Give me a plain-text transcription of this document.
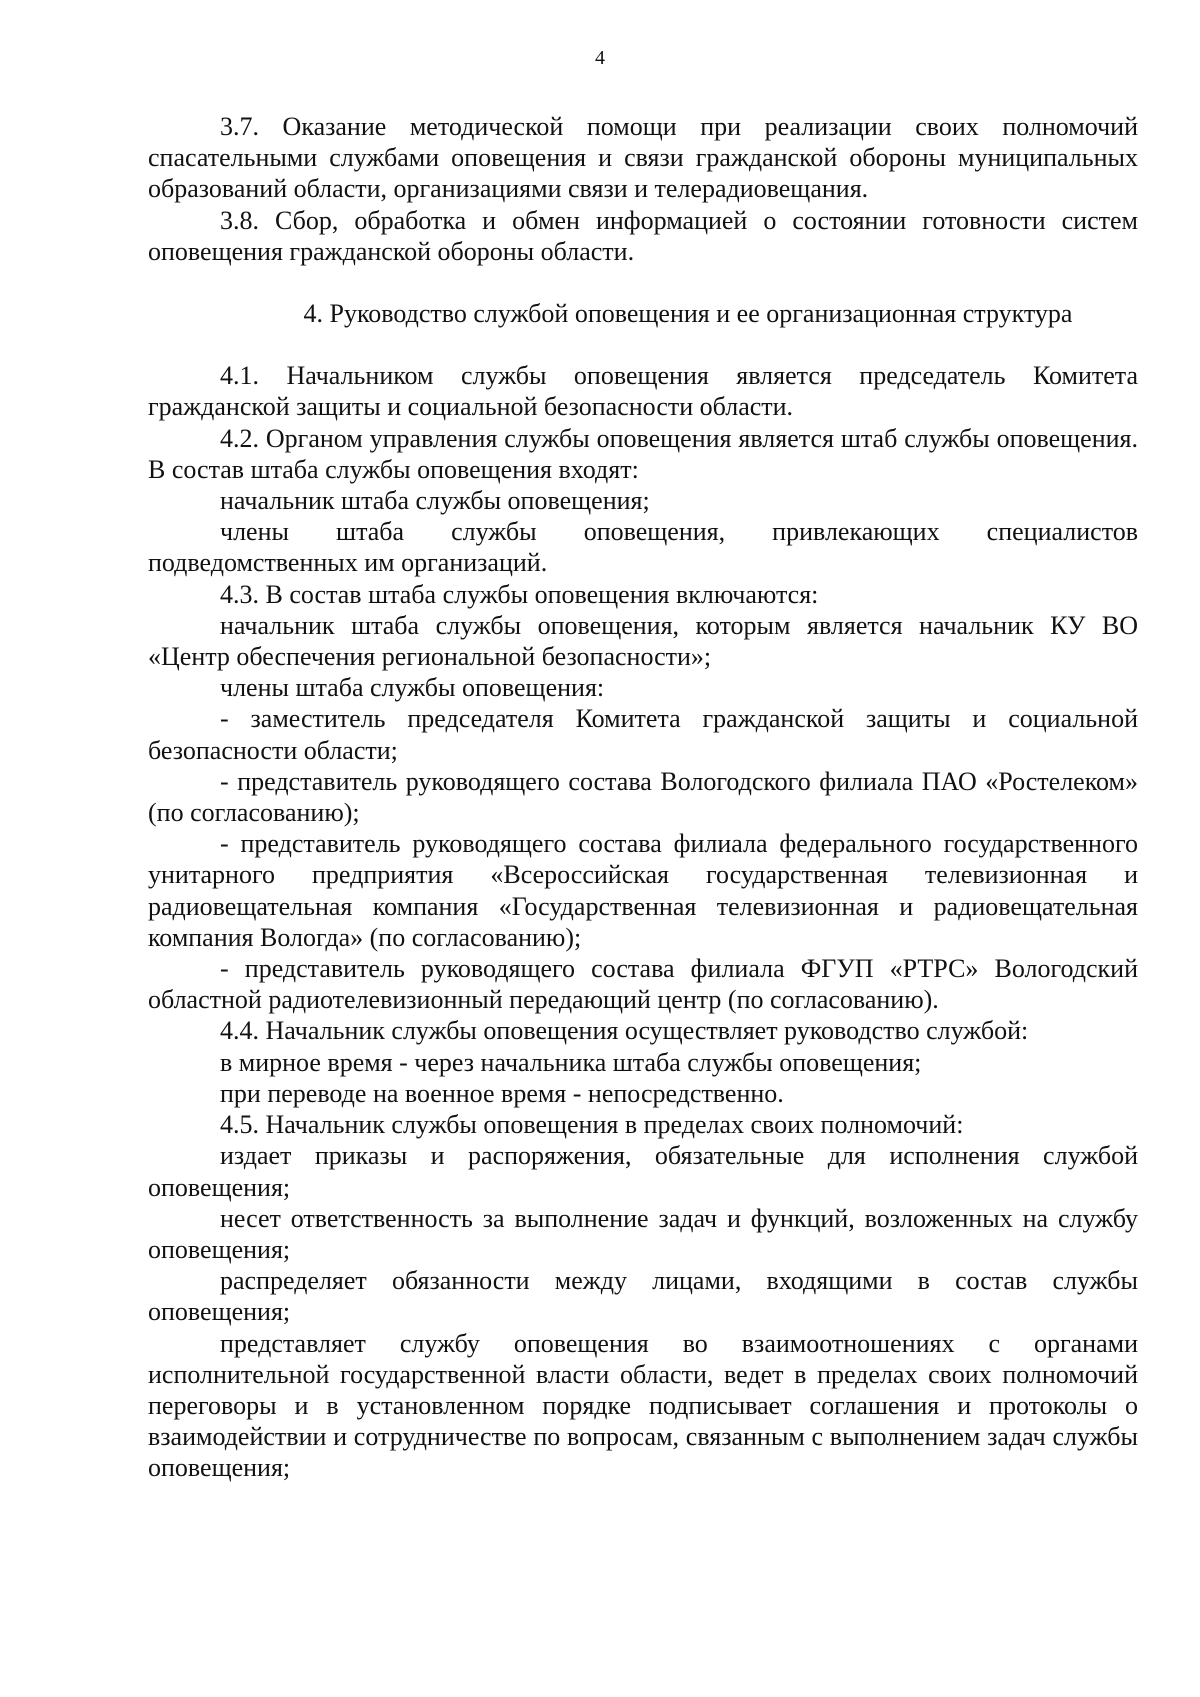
4

3.7. Оказание методической помощи при реализации своих полномочий спасательными службами оповещения и связи гражданской обороны муниципальных образований области, организациями связи и телерадиовещания.

3.8. Сбор, обработка и обмен информацией о состоянии готовности систем оповещения гражданской обороны области.

4. Руководство службой оповещения и ее организационная структура

4.1. Начальником службы оповещения является председатель Комитета гражданской защиты и социальной безопасности области.

4.2. Органом управления службы оповещения является штаб службы оповещения. В состав штаба службы оповещения входят:

начальник штаба службы оповещения;

члены штаба службы оповещения, привлекающих специалистов подведомственных им организаций.

4.3. В состав штаба службы оповещения включаются:

начальник штаба службы оповещения, которым является начальник КУ ВО «Центр обеспечения региональной безопасности»;

члены штаба службы оповещения:

- заместитель председателя Комитета гражданской защиты и социальной безопасности области;

- представитель руководящего состава Вологодского филиала ПАО «Ростелеком» (по согласованию);

- представитель руководящего состава филиала федерального государственного унитарного предприятия «Всероссийская государственная телевизионная и радиовещательная компания «Государственная телевизионная и радиовещательная компания Вологда» (по согласованию);

- представитель руководящего состава филиала ФГУП «РТРС» Вологодский областной радиотелевизионный передающий центр (по согласованию).

4.4. Начальник службы оповещения осуществляет руководство службой:

в мирное время - через начальника штаба службы оповещения;

при переводе на военное время - непосредственно.

4.5. Начальник службы оповещения в пределах своих полномочий:

издает приказы и распоряжения, обязательные для исполнения службой оповещения;

несет ответственность за выполнение задач и функций, возложенных на службу оповещения;

распределяет обязанности между лицами, входящими в состав службы оповещения;

представляет службу оповещения во взаимоотношениях с органами исполнительной государственной власти области, ведет в пределах своих полномочий переговоры и в установленном порядке подписывает соглашения и протоколы о взаимодействии и сотрудничестве по вопросам, связанным с выполнением задач службы оповещения;
